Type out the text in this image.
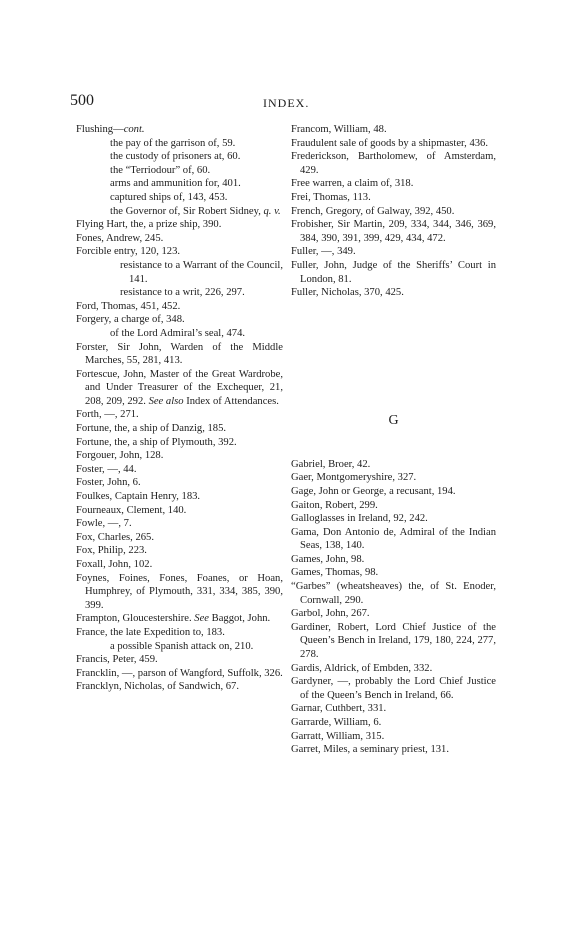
500	INDEX.

Flushing—cont.

the pay of the garrison of, 59.

the custody of prisoners at, 60.

the “Terriodour” of, 60.

arms and ammunition for, 401.

captured ships of, 143, 453.

the Governor of, Sir Robert Sidney, q. v.

Flying Hart, the, a prize ship, 390.

Fones, Andrew, 245.

Forcible entry, 120, 123.

resistance to a Warrant of the Council, 141.

resistance to a writ, 226, 297.

Ford, Thomas, 451, 452.

Forgery, a charge of, 348.

of the Lord Admiral’s seal, 474.

Forster, Sir John, Warden of the Middle Marches, 55, 281, 413.

Fortescue, John, Master of the Great Wardrobe, and Under Treasurer of the Exchequer, 21, 208, 209, 292. See also Index of Attendances.

Forth, —, 271.

Fortune, the, a ship of Danzig, 185.

Fortune, the, a ship of Plymouth, 392.

Forgouer, John, 128.

Foster, —, 44.

Foster, John, 6.

Foulkes, Captain Henry, 183.

Fourneaux, Clement, 140.

Fowle, —, 7.

Fox, Charles, 265.

Fox, Philip, 223.

Foxall, John, 102.

Foynes, Foines, Fones, Foanes, or Hoan, Humphrey, of Plymouth, 331, 334, 385, 390, 399.

Frampton, Gloucestershire. See Baggot, John.

France, the late Expedition to, 183.

a possible Spanish attack on, 210.

Francis, Peter, 459.

Francklin, —, parson of Wangford, Suffolk, 326.

Francklyn, Nicholas, of Sandwich, 67.

Francom, William, 48.

Fraudulent sale of goods by a shipmaster, 436.

Frederickson, Bartholomew, of Amsterdam, 429.

Free warren, a claim of, 318.

Frei, Thomas, 113.

French, Gregory, of Galway, 392, 450.

Frobisher, Sir Martin, 209, 334, 344, 346, 369, 384, 390, 391, 399, 429, 434, 472.

Fuller, —, 349.

Fuller, John, Judge of the Sheriffs’ Court in London, 81.

Fuller, Nicholas, 370, 425.

G

Gabriel, Broer, 42.

Gaer, Montgomeryshire, 327.

Gage, John or George, a recusant, 194.

Gaiton, Robert, 299.

Galloglasses in Ireland, 92, 242.

Gama, Don Antonio de, Admiral of the Indian Seas, 138, 140.

Games, John, 98.

Games, Thomas, 98.

“Garbes” (wheatsheaves) the, of St. Enoder, Cornwall, 290.

Garbol, John, 267.

Gardiner, Robert, Lord Chief Justice of the Queen’s Bench in Ireland, 179, 180, 224, 277, 278.

Gardis, Aldrick, of Embden, 332.

Gardyner, —, probably the Lord Chief Justice of the Queen’s Bench in Ireland, 66.

Garnar, Cuthbert, 331.

Garrarde, William, 6.

Garratt, William, 315.

Garret, Miles, a seminary priest, 131.
